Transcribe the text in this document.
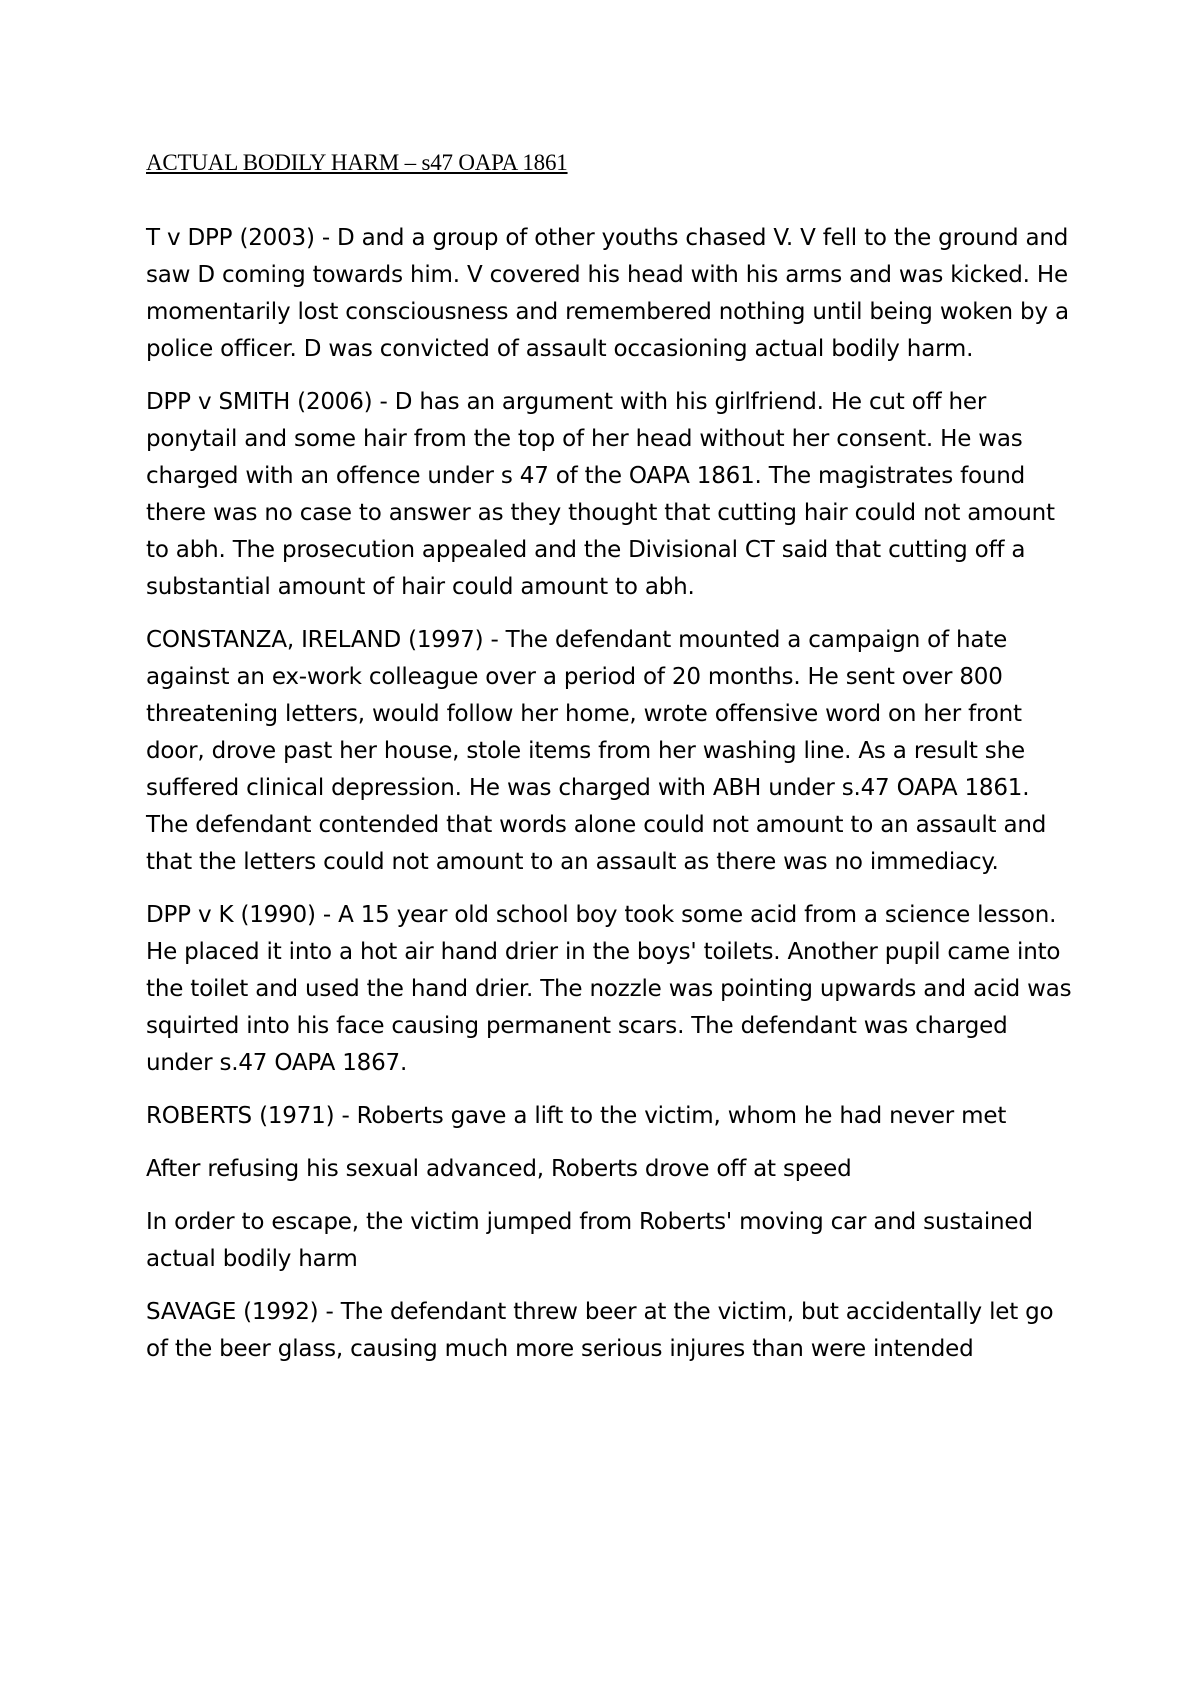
ACTUAL BODILY HARM – s47 OAPA 1861

T v DPP (2003) - D and a group of other youths chased V. V fell to the ground and saw D coming towards him. V covered his head with his arms and was kicked. He momentarily lost consciousness and remembered nothing until being woken by a police officer. D was convicted of assault occasioning actual bodily harm.

DPP v SMITH (2006) - D has an argument with his girlfriend. He cut off her ponytail and some hair from the top of her head without her consent. He was charged with an offence under s 47 of the OAPA 1861. The magistrates found there was no case to answer as they thought that cutting hair could not amount to abh. The prosecution appealed and the Divisional CT said that cutting off a substantial amount of hair could amount to abh.

CONSTANZA, IRELAND (1997) - The defendant mounted a campaign of hate against an ex-work colleague over a period of 20 months. He sent over 800 threatening letters, would follow her home, wrote offensive word on her front door, drove past her house, stole items from her washing line. As a result she suffered clinical depression. He was charged with ABH under s.47 OAPA 1861. The defendant contended that words alone could not amount to an assault and that the letters could not amount to an assault as there was no immediacy.

DPP v K (1990) - A 15 year old school boy took some acid from a science lesson. He placed it into a hot air hand drier in the boys' toilets. Another pupil came into the toilet and used the hand drier. The nozzle was pointing upwards and acid was squirted into his face causing permanent scars. The defendant was charged under s.47 OAPA 1867.

ROBERTS (1971) - Roberts gave a lift to the victim, whom he had never met

After refusing his sexual advanced, Roberts drove off at speed

In order to escape, the victim jumped from Roberts' moving car and sustained actual bodily harm

SAVAGE (1992) - The defendant threw beer at the victim, but accidentally let go of the beer glass, causing much more serious injures than were intended
